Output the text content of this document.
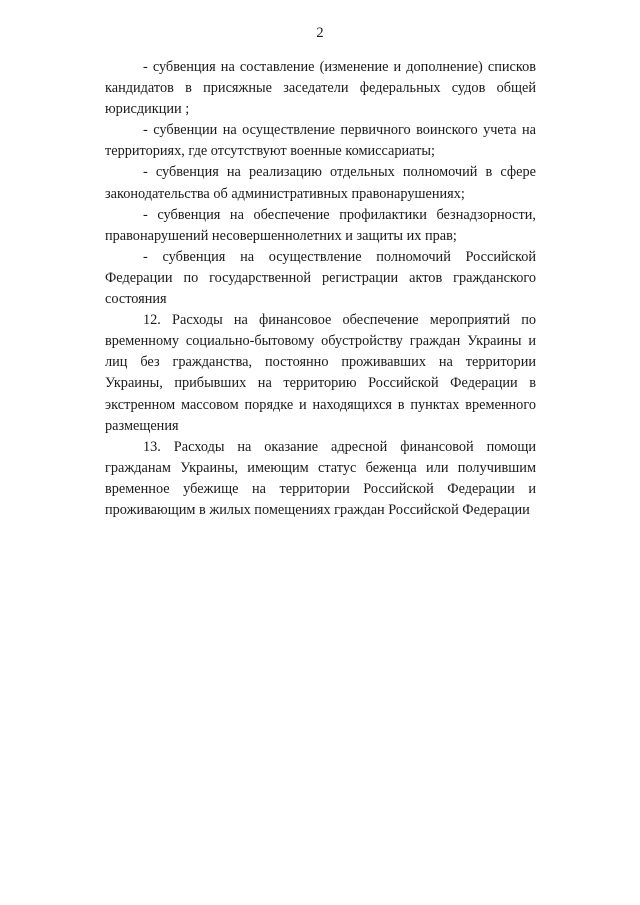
2

- субвенция на составление (изменение и дополнение) списков кандидатов в присяжные заседатели федеральных судов общей юрисдикции ;

- субвенции на осуществление первичного воинского учета на территориях, где отсутствуют военные комиссариаты;

- субвенция на реализацию отдельных полномочий в сфере законодательства об административных правонарушениях;

- субвенция на обеспечение профилактики безнадзорности, правонарушений несовершеннолетних и защиты их прав;

- субвенция на осуществление полномочий Российской Федерации по государственной регистрации актов гражданского состояния

12. Расходы на финансовое обеспечение мероприятий по временному социально-бытовому обустройству граждан Украины и лиц без гражданства, постоянно проживавших на территории Украины, прибывших на территорию Российской Федерации в экстренном массовом порядке и находящихся в пунктах временного размещения

13. Расходы на оказание адресной финансовой помощи гражданам Украины, имеющим статус беженца или получившим временное убежище на территории Российской Федерации и проживающим в жилых помещениях граждан Российской Федерации
